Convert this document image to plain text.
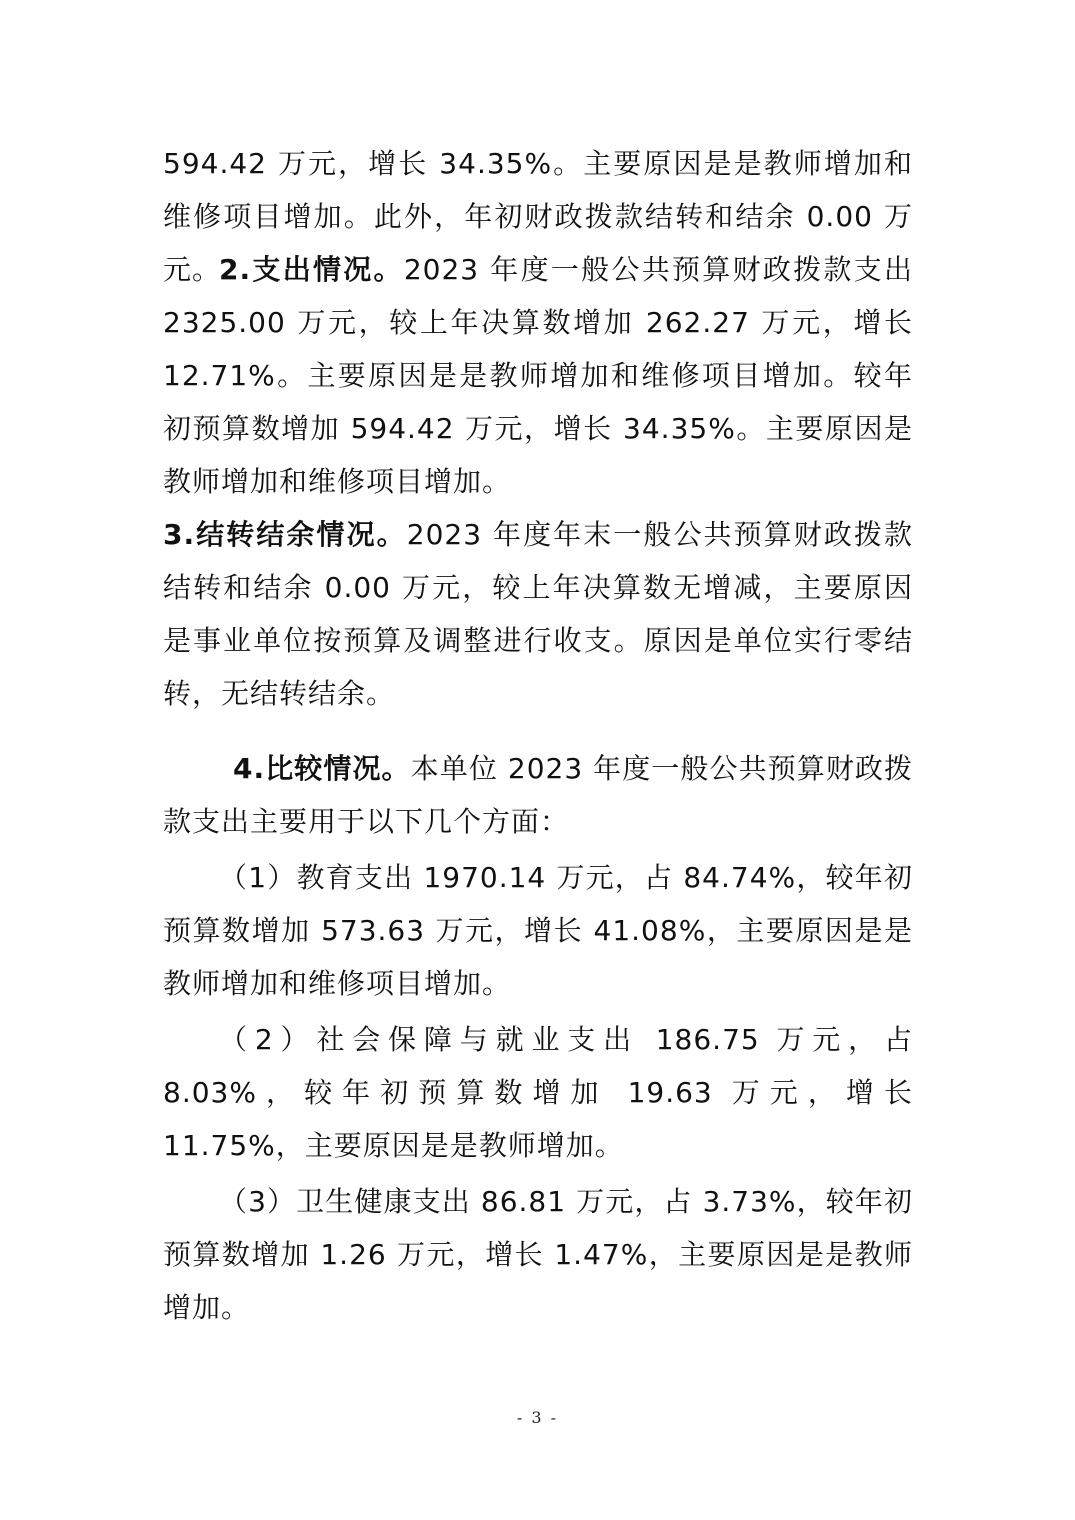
594.42 万元，增长 34.35%。主要原因是是教师增加和维修项目增加。此外，年初财政拨款结转和结余 0.00 万元。

2.支出情况。2023 年度一般公共预算财政拨款支出 2325.00 万元，较上年决算数增加 262.27 万元，增长 12.71%。主要原因是是教师增加和维修项目增加。较年初预算数增加 594.42 万元，增长 34.35%。主要原因是教师增加和维修项目增加。

3.结转结余情况。2023 年度年末一般公共预算财政拨款结转和结余 0.00 万元，较上年决算数无增减，主要原因是事业单位按预算及调整进行收支。原因是单位实行零结转，无结转结余。

4.比较情况。本单位 2023 年度一般公共预算财政拨款支出主要用于以下几个方面：

（1）教育支出 1970.14 万元，占 84.74%，较年初预算数增加 573.63 万元，增长 41.08%，主要原因是是教师增加和维修项目增加。

（2）社会保障与就业支出 186.75 万元，占 8.03%，较年初预算数增加 19.63 万元，增长 11.75%，主要原因是是教师增加。

（3）卫生健康支出 86.81 万元，占 3.73%，较年初预算数增加 1.26 万元，增长 1.47%，主要原因是是教师增加。

- 3 -
